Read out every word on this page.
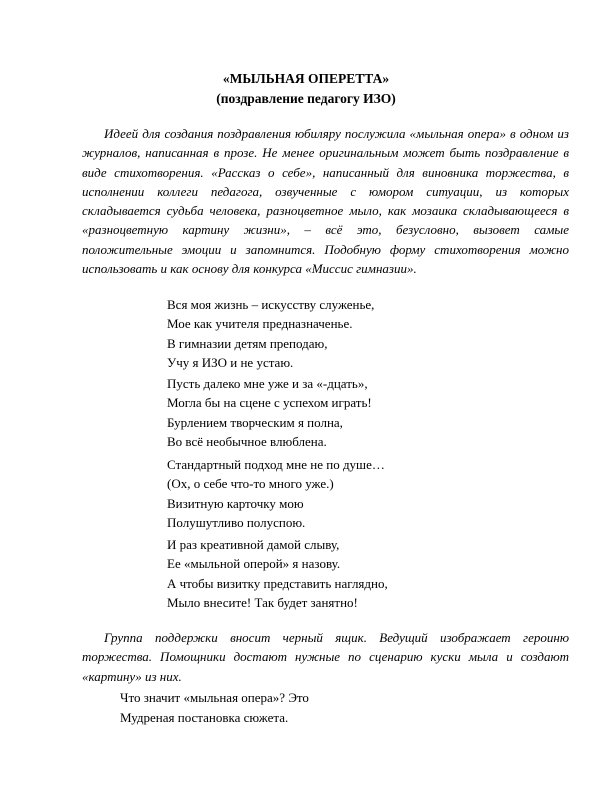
«МЫЛЬНАЯ ОПЕРЕТТА»
(поздравление педагогу ИЗО)

Идеей для создания поздравления юбиляру послужила «мыльная опера» в одном из журналов, написанная в прозе. Не менее оригинальным может быть поздравление в виде стихотворения. «Рассказ о себе», написанный для виновника торжества, в исполнении коллеги педагога, озвученные с юмором ситуации, из которых складывается судьба человека, разноцветное мыло, как мозаика складывающееся в «разноцветную картину жизни», – всё это, безусловно, вызовет самые положительные эмоции и запомнится. Подобную форму стихотворения можно использовать и как основу для конкурса «Миссис гимназии».

Вся моя жизнь – искусству служенье,
Мое как учителя предназначенье.
В гимназии детям преподаю,
Учу я ИЗО и не устаю.
Пусть далеко мне уже и за «-дцать»,
Могла бы на сцене с успехом играть!
Бурлением творческим я полна,
Во всё необычное влюблена.
Стандартный подход мне не по душе…
(Ох, о себе что-то много уже.)
Визитную карточку мою
Полушутливо полуспою.
И раз креативной дамой слыву,
Ее «мыльной оперой» я назову.
А чтобы визитку представить наглядно,
Мыло внесите! Так будет занятно!

Группа поддержки вносит черный ящик. Ведущий изображает героиню торжества. Помощники достают нужные по сценарию куски мыла и создают «картину» из них.

Что значит «мыльная опера»? Это
Мудреная постановка сюжета.
